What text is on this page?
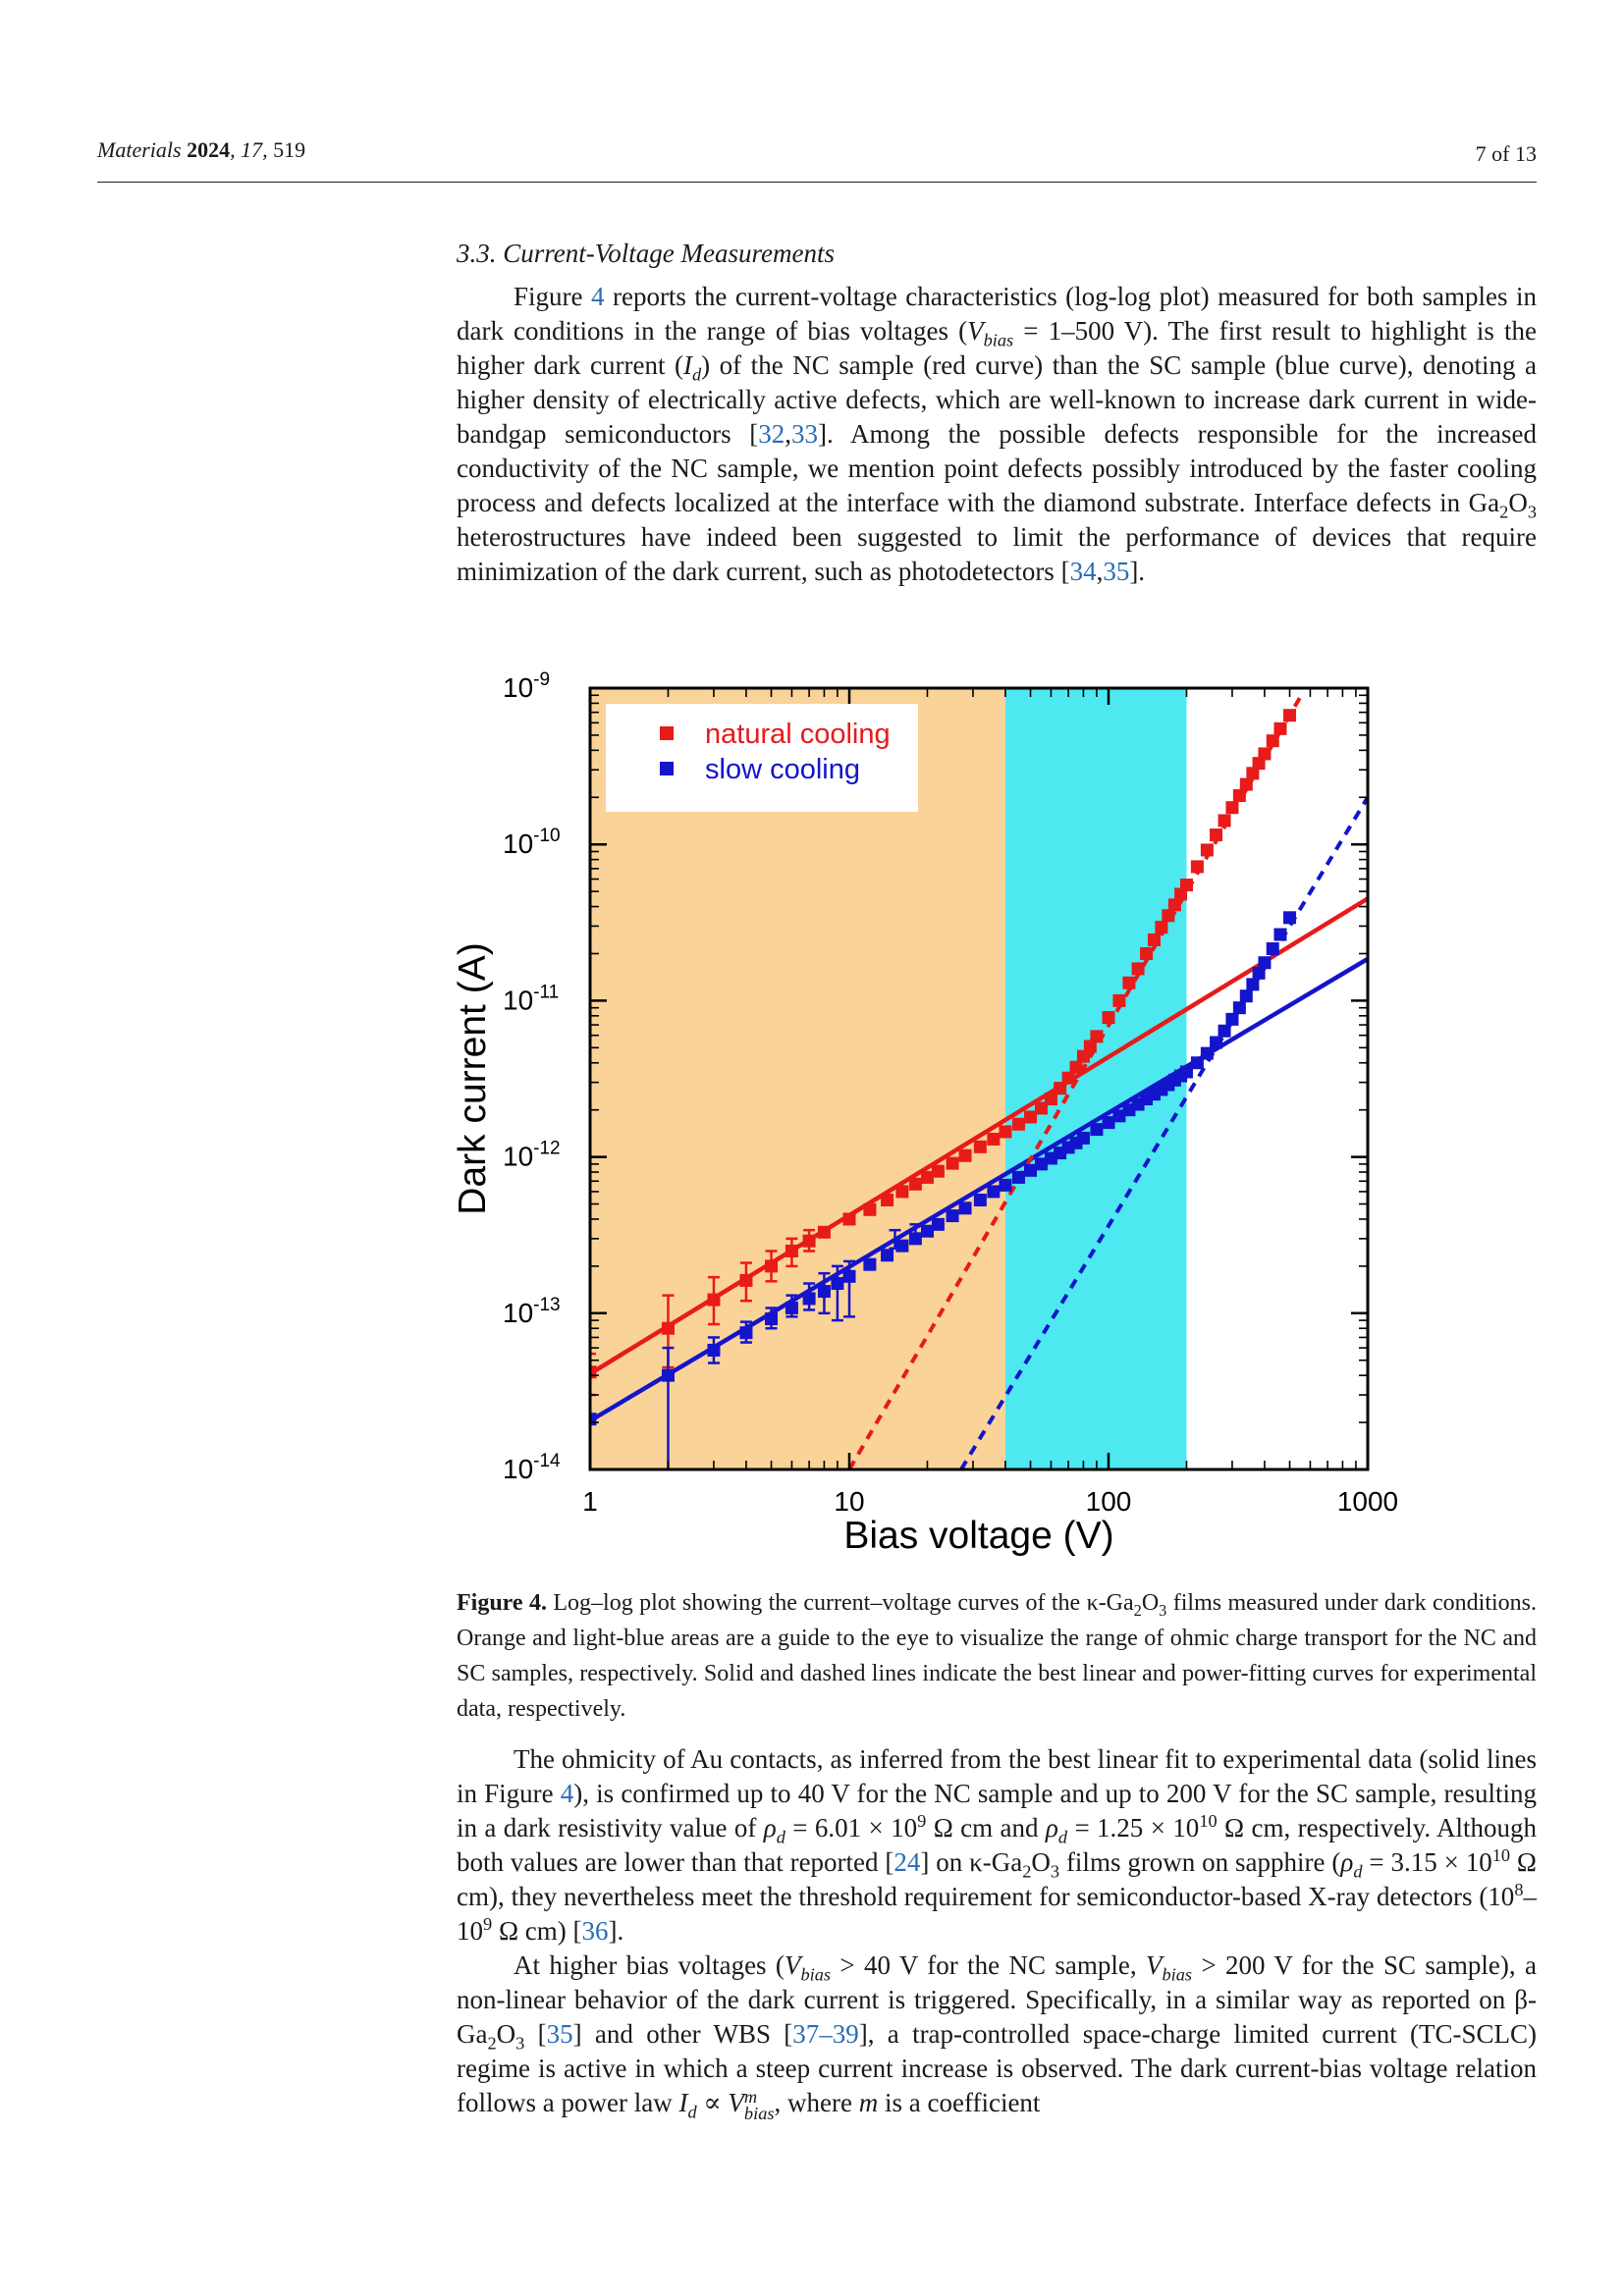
Materials 2024, 17, 519	7 of 13
3.3. Current-Voltage Measurements

Figure 4 reports the current-voltage characteristics (log-log plot) measured for both samples in dark conditions in the range of bias voltages ($V_{bias} = 1-500$ V). The first result to highlight is the higher dark current $(I_d)$ of the NC sample (red curve) than the SC sample (blue curve), denoting a higher density of electrically active defects, which are well-known to increase dark current in wide-bandgap semiconductors [32,33]. Among the possible defects responsible for the increased conductivity of the NC sample, we mention point defects possibly introduced by the faster cooling process and defects localized at the interface with the diamond substrate. Interface defects in $Ga_2O_3$ heterostructures have indeed been suggested to limit the performance of devices that require minimization of the dark current, such as photodetectors [34,35].

1	10	100	1000
$10^{-14}$
$10^{-13}$
$10^{-12}$
$10^{-11}$
$10^{-10}$
$10^{-9}$
Bias voltage (V)
Dark current (A)
natural cooling
slow cooling

Figure 4. Log–log plot showing the current–voltage curves of the $\kappa-Ga_2O_3$ films measured under dark conditions. Orange and light-blue areas are a guide to the eye to visualize the range of ohmic charge transport for the NC and SC samples, respectively. Solid and dashed lines indicate the best linear and power-fitting curves for experimental data, respectively.

The ohmicity of Au contacts, as inferred from the best linear fit to experimental data (solid lines in Figure 4), is confirmed up to 40 V for the NC sample and up to 200 V for the SC sample, resulting in a dark resistivity value of $\rho_d = 6.01 \times 10^9$ Ω cm and $\rho_d = 1.25 \times 10^{10}$ Ω cm, respectively. Although both values are lower than that reported [24] on $\kappa-Ga_2O_3$ films grown on sapphire ($\rho_d = 3.15 \times 10^{10}$ Ω cm), they nevertheless meet the threshold requirement for semiconductor-based X-ray detectors ($10^8-10^9$ Ω cm) [36].

At higher bias voltages ($V_{bias} > 40$ V for the NC sample, $V_{bias} > 200$ V for the SC sample), a non-linear behavior of the dark current is triggered. Specifically, in a similar way as reported on $\beta-Ga_2O_3$ [35] and other WBS [37–39], a trap-controlled space-charge limited current (TC-SCLC) regime is active in which a steep current increase is observed. The dark current-bias voltage relation follows a power law $I_d \propto Vm$
bias, where m is a coefficient
